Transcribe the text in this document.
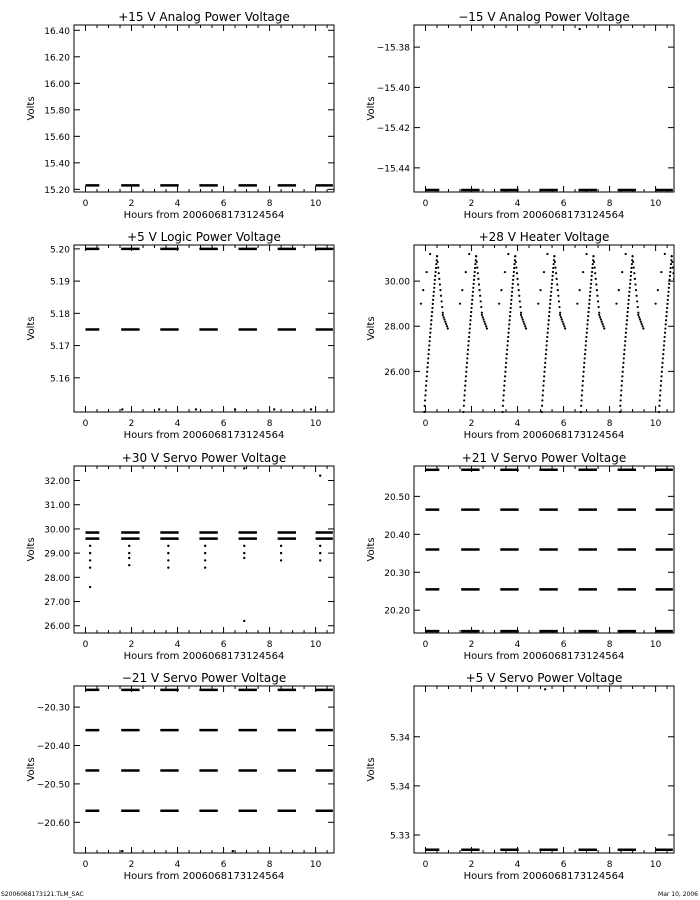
+15 V Analog Power Voltage
0	2	4	6	8	10
15.20
15.40
15.60
15.80
16.00
16.20
16.40
Hours from 2006068173124564
Volts
−15 V Analog Power Voltage
0	2	4	6	8	10
−15.38
−15.40
−15.42
−15.44
Hours from 2006068173124564
Volts
+5 V Logic Power Voltage
0	2	4	6	8	10
5.16
5.17
5.18
5.19
5.20
Hours from 2006068173124564
Volts
+28 V Heater Voltage
0	2	4	6	8	10
26.00
28.00
30.00
Hours from 2006068173124564
Volts
+30 V Servo Power Voltage
0	2	4	6	8	10
26.00
27.00
28.00
29.00
30.00
31.00
32.00
Hours from 2006068173124564
Volts
+21 V Servo Power Voltage
0	2	4	6	8	10
20.20
20.30
20.40
20.50
Hours from 2006068173124564
Volts
−21 V Servo Power Voltage
0	2	4	6	8	10
−20.30
−20.40
−20.50
−20.60
Hours from 2006068173124564
Volts
+5 V Servo Power Voltage
0	2	4	6	8	10
5.33
5.34
5.34
Hours from 2006068173124564
Volts
S2006068173121.TLM_SAC	Mar 10, 2006
